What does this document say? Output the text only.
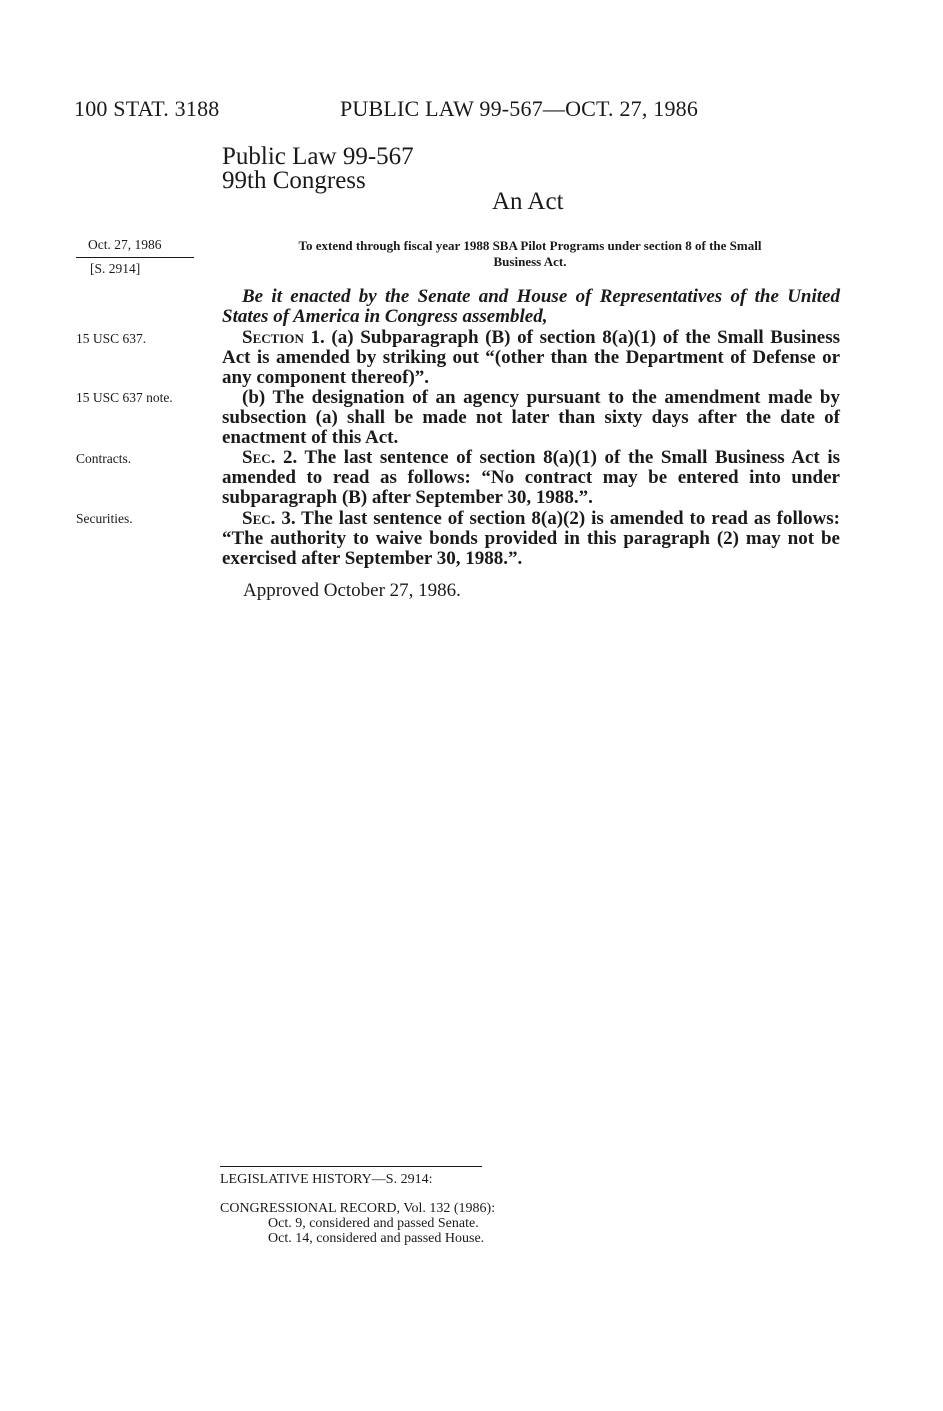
100 STAT. 3188	PUBLIC LAW 99-567—OCT. 27, 1986
Public Law 99-567
99th Congress
An Act
Oct. 27, 1986
[S. 2914]
To extend through fiscal year 1988 SBA Pilot Programs under section 8 of the Small
Business Act.

Be it enacted by the Senate and House of Representatives of the United States of America in Congress assembled,

15 USC 637.
15 USC 637 note.
Contracts.
Securities.

Section 1. (a) Subparagraph (B) of section 8(a)(1) of the Small Business Act is amended by striking out “(other than the Department of Defense or any component thereof)”.

(b) The designation of an agency pursuant to the amendment made by subsection (a) shall be made not later than sixty days after the date of enactment of this Act.

Sec. 2. The last sentence of section 8(a)(1) of the Small Business Act is amended to read as follows: “No contract may be entered into under subparagraph (B) after September 30, 1988.”.

Sec. 3. The last sentence of section 8(a)(2) is amended to read as follows: “The authority to waive bonds provided in this paragraph (2) may not be exercised after September 30, 1988.”.

Approved October 27, 1986.
LEGISLATIVE HISTORY—S. 2914:
CONGRESSIONAL RECORD, Vol. 132 (1986):
Oct. 9, considered and passed Senate.
Oct. 14, considered and passed House.
